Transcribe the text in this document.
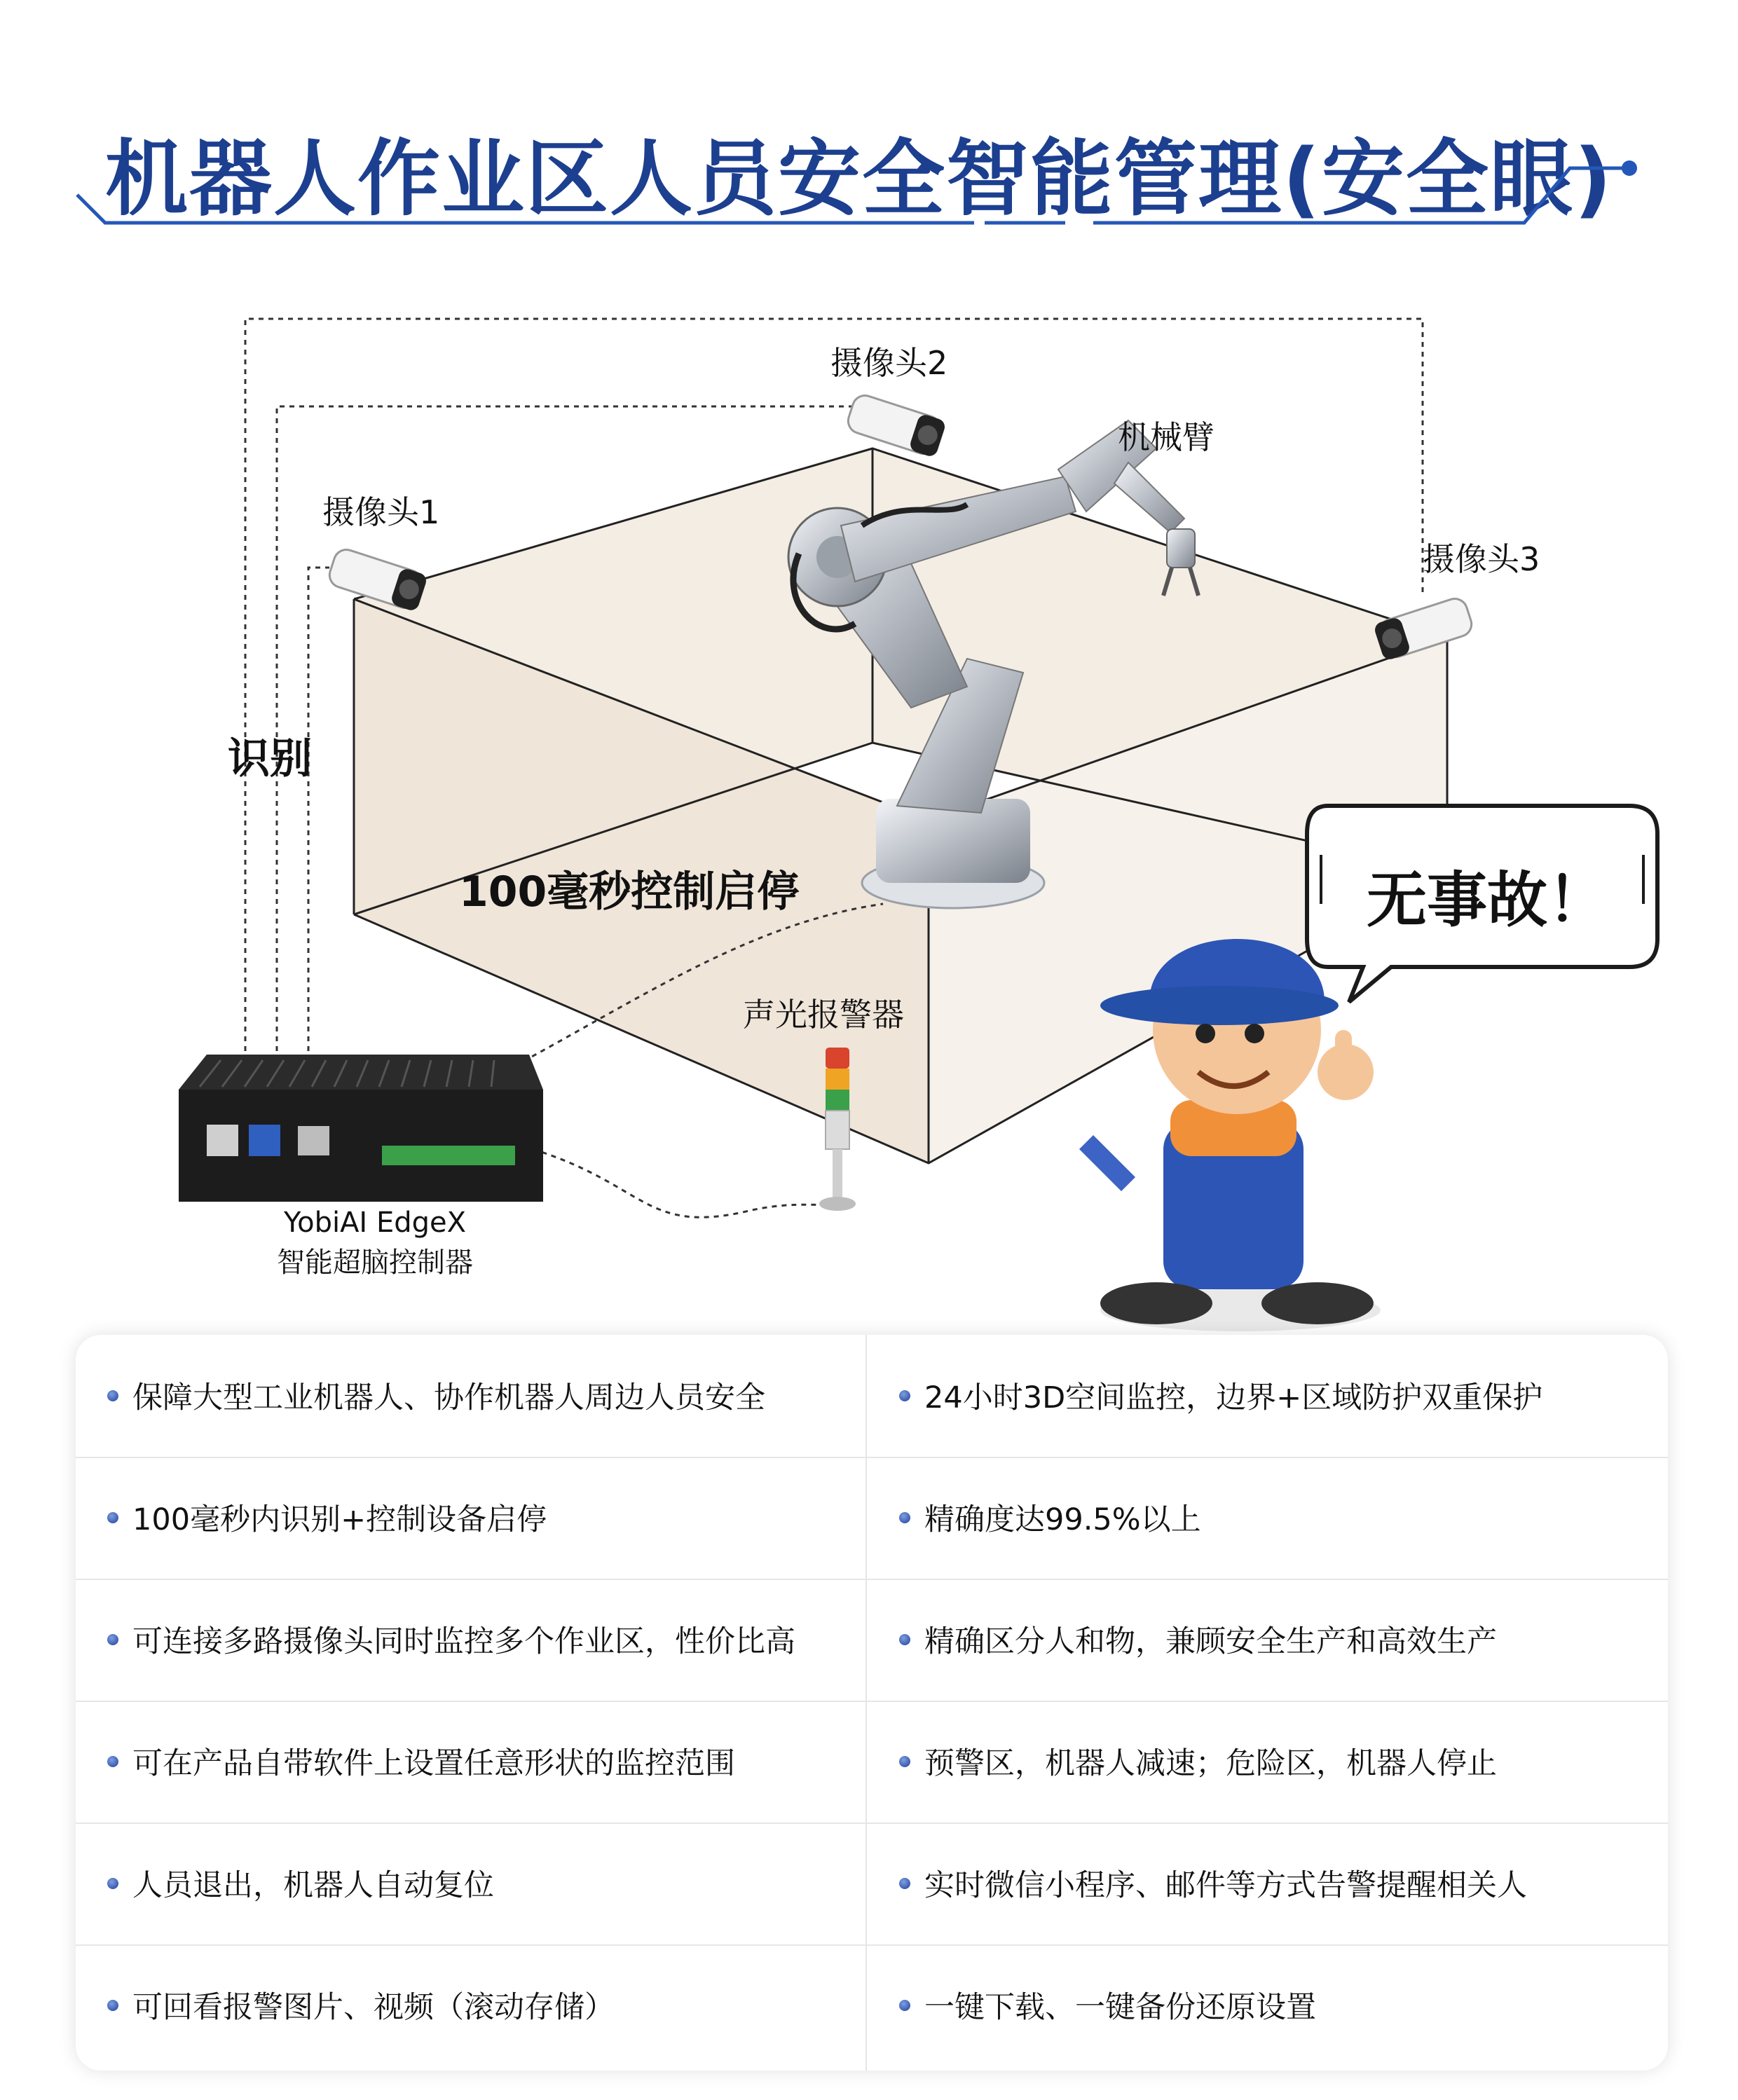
机器人作业区人员安全智能管理(安全眼)
摄像头1
摄像头2
摄像头3
机械臂
识别
100毫秒控制启停
声光报警器
YobiAI EdgeX
智能超脑控制器
无事故！
保障大型工业机器人、协作机器人周边人员安全
100毫秒内识别+控制设备启停
可连接多路摄像头同时监控多个作业区，性价比高
可在产品自带软件上设置任意形状的监控范围
人员退出，机器人自动复位
可回看报警图片、视频（滚动存储）
24小时3D空间监控，边界+区域防护双重保护
精确度达99.5%以上
精确区分人和物，兼顾安全生产和高效生产
预警区，机器人减速；危险区，机器人停止
实时微信小程序、邮件等方式告警提醒相关人
一键下载、一键备份还原设置
